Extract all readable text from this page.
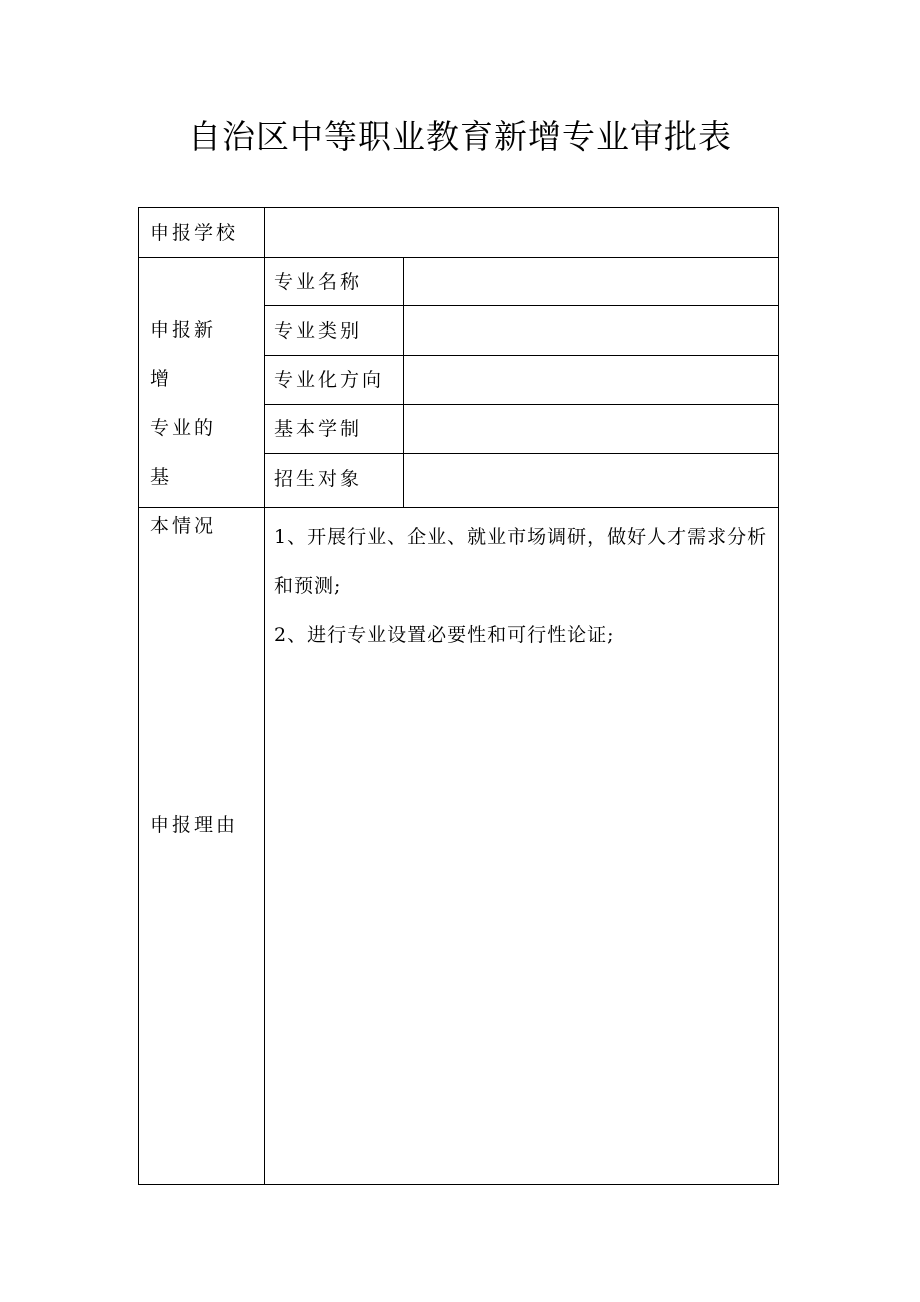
自治区中等职业教育新增专业审批表
申报学校
申报新增
专业的基
本情况
专业名称
专业类别
专业化方向
基本学制
招生对象
申报理由

1、开展行业、企业、就业市场调研，做好人才需求分析和预测;

2、进行专业设置必要性和可行性论证;
